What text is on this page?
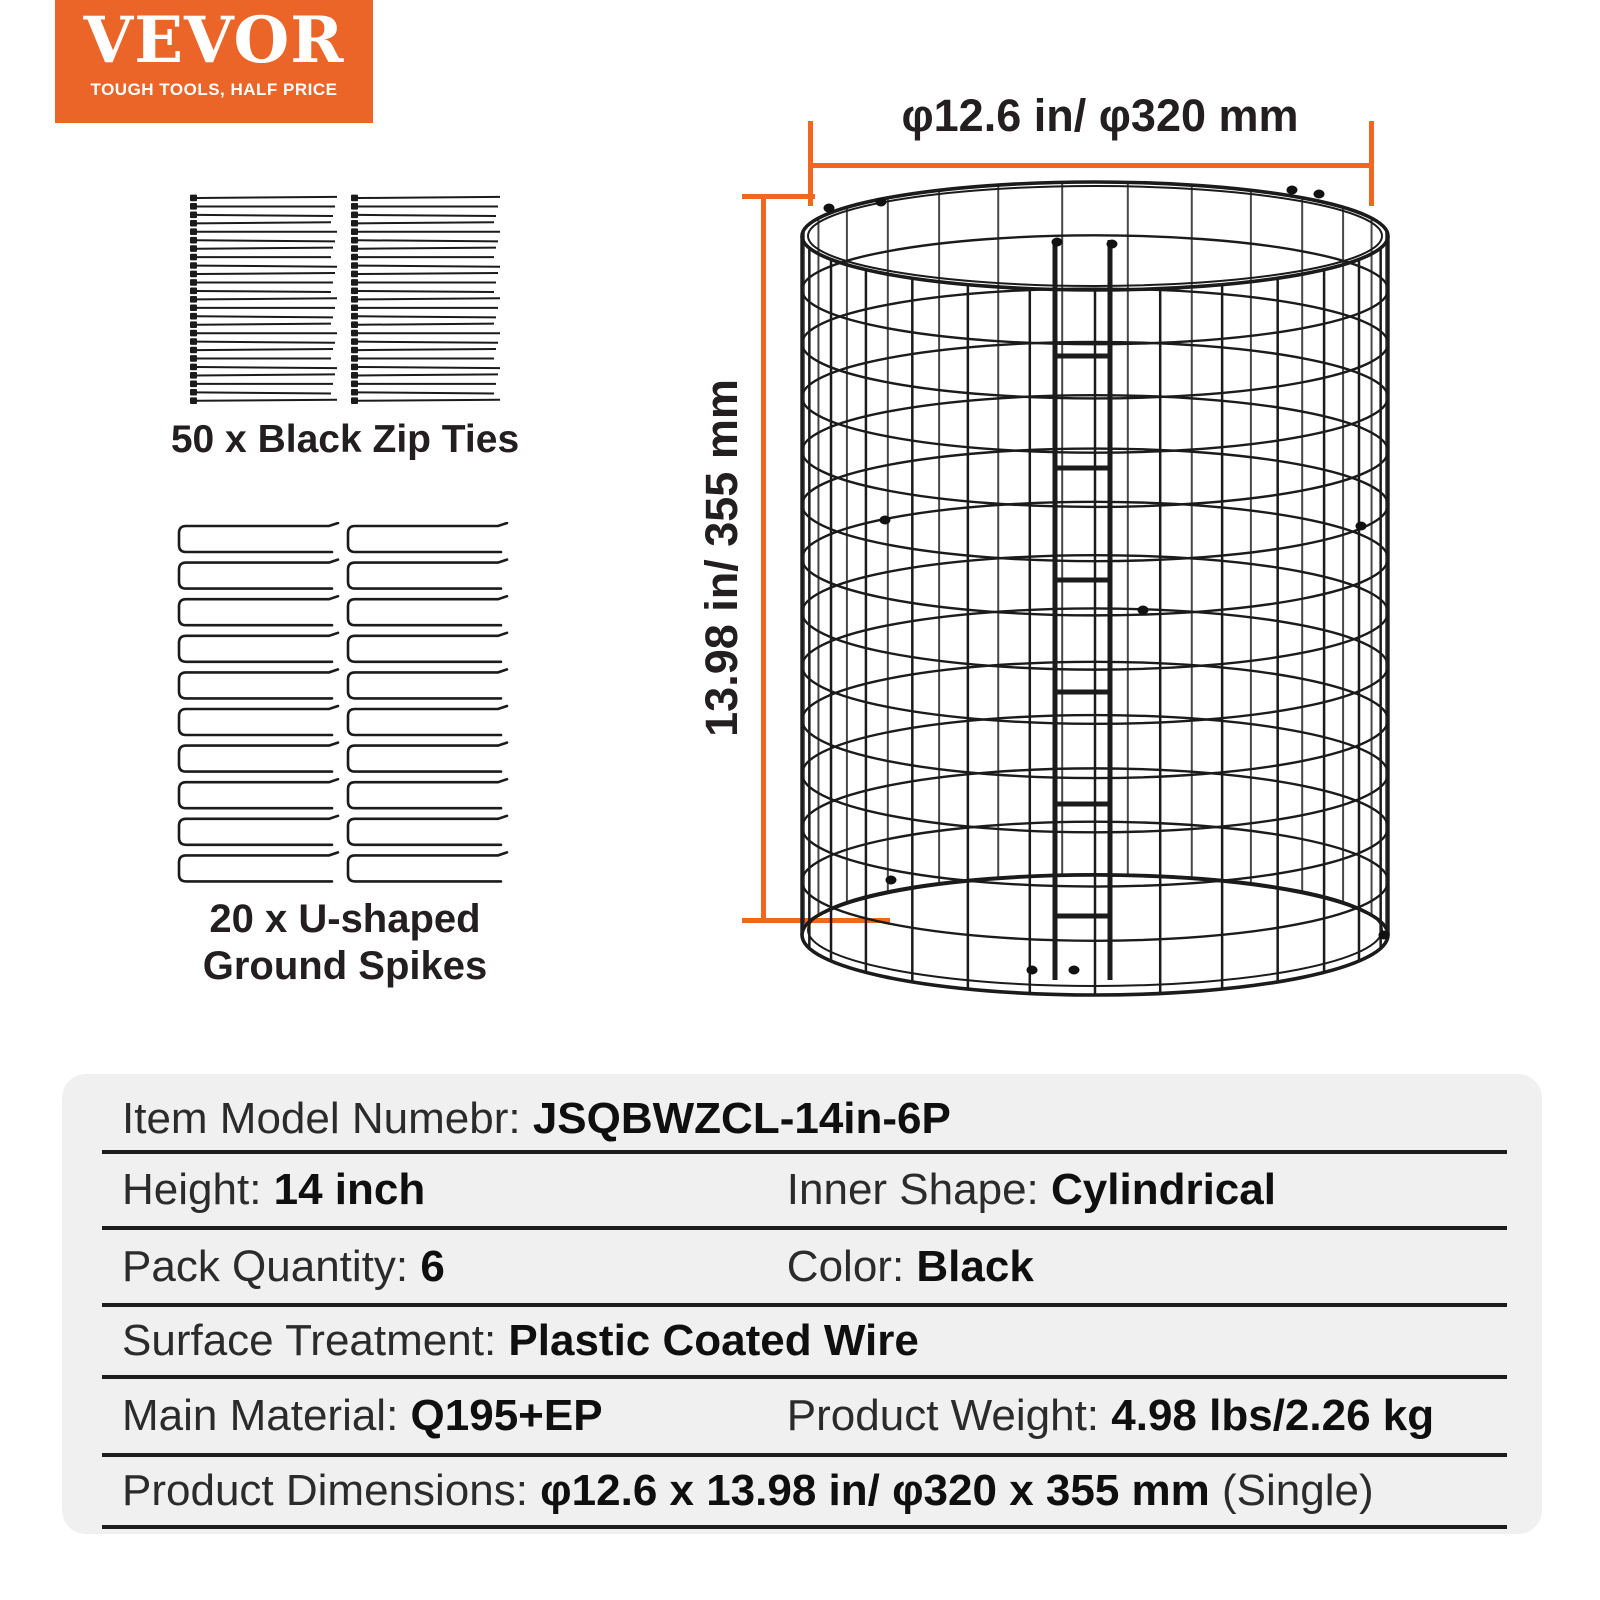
VEVOR
TOUGH TOOLS, HALF PRICE
50 x Black Zip Ties
20 x U-shaped
Ground Spikes
φ12.6 in/ φ320 mm
13.98 in/ 355 mm
Item Model Numebr: JSQBWZCL-14in-6P
Height: 14 inch	Inner Shape: Cylindrical
Pack Quantity: 6	Color: Black
Surface Treatment: Plastic Coated Wire
Main Material: Q195+EP	Product Weight: 4.98 lbs/2.26 kg
Product Dimensions: φ12.6 x 13.98 in/ φ320 x 355 mm (Single)
